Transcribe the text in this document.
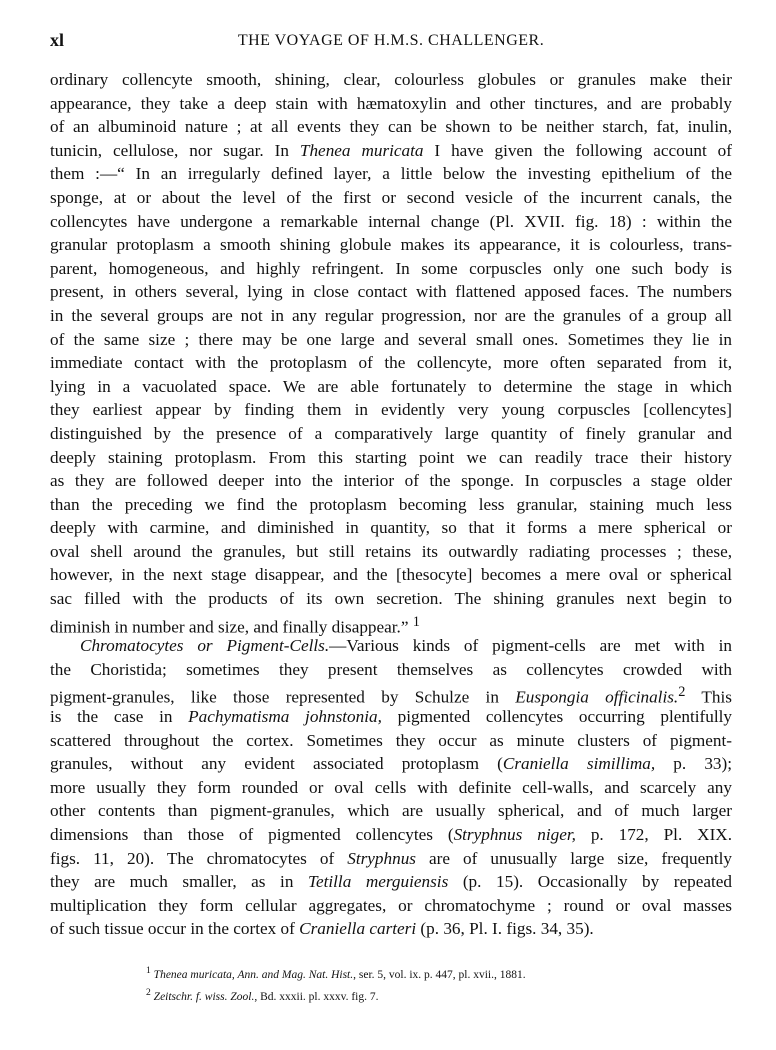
xl	THE VOYAGE OF H.M.S. CHALLENGER.
ordinary collencyte smooth, shining, clear, colourless globules or granules make their
appearance, they take a deep stain with hæmatoxylin and other tinctures, and are probably
of an albuminoid nature ; at all events they can be shown to be neither starch, fat, inulin,
tunicin, cellulose, nor sugar. In Thenea muricata I have given the following account of
them :—“ In an irregularly defined layer, a little below the investing epithelium of the
sponge, at or about the level of the first or second vesicle of the incurrent canals, the
collencytes have undergone a remarkable internal change (Pl. XVII. fig. 18) : within the
granular protoplasm a smooth shining globule makes its appearance, it is colourless, trans-
parent, homogeneous, and highly refringent. In some corpuscles only one such body is
present, in others several, lying in close contact with flattened apposed faces. The numbers
in the several groups are not in any regular progression, nor are the granules of a group all
of the same size ; there may be one large and several small ones. Sometimes they lie in
immediate contact with the protoplasm of the collencyte, more often separated from it,
lying in a vacuolated space. We are able fortunately to determine the stage in which
they earliest appear by finding them in evidently very young corpuscles [collencytes]
distinguished by the presence of a comparatively large quantity of finely granular and
deeply staining protoplasm. From this starting point we can readily trace their history
as they are followed deeper into the interior of the sponge. In corpuscles a stage older
than the preceding we find the protoplasm becoming less granular, staining much less
deeply with carmine, and diminished in quantity, so that it forms a mere spherical or
oval shell around the granules, but still retains its outwardly radiating processes ; these,
however, in the next stage disappear, and the [thesocyte] becomes a mere oval or spherical
sac filled with the products of its own secretion. The shining granules next begin to
diminish in number and size, and finally disappear.” $^1$
Chromatocytes or Pigment-Cells.—Various kinds of pigment-cells are met with in
the Choristida; sometimes they present themselves as collencytes crowded with
pigment-granules, like those represented by Schulze in Euspongia officinalis.$^2$ This
is the case in Pachymatisma johnstonia, pigmented collencytes occurring plentifully
scattered throughout the cortex. Sometimes they occur as minute clusters of pigment-
granules, without any evident associated protoplasm (Craniella simillima, p. 33);
more usually they form rounded or oval cells with definite cell-walls, and scarcely any
other contents than pigment-granules, which are usually spherical, and of much larger
dimensions than those of pigmented collencytes (Stryphnus niger, p. 172, Pl. XIX.
figs. 11, 20). The chromatocytes of Stryphnus are of unusually large size, frequently
they are much smaller, as in Tetilla merguiensis (p. 15). Occasionally by repeated
multiplication they form cellular aggregates, or chromatochyme ; round or oval masses
of such tissue occur in the cortex of Craniella carteri (p. 36, Pl. I. figs. 34, 35).
$^1$ Thenea muricata, Ann. and Mag. Nat. Hist., ser. 5, vol. ix. p. 447, pl. xvii., 1881.
$^2$ Zeitschr. f. wiss. Zool., Bd. xxxii. pl. xxxv. fig. 7.
